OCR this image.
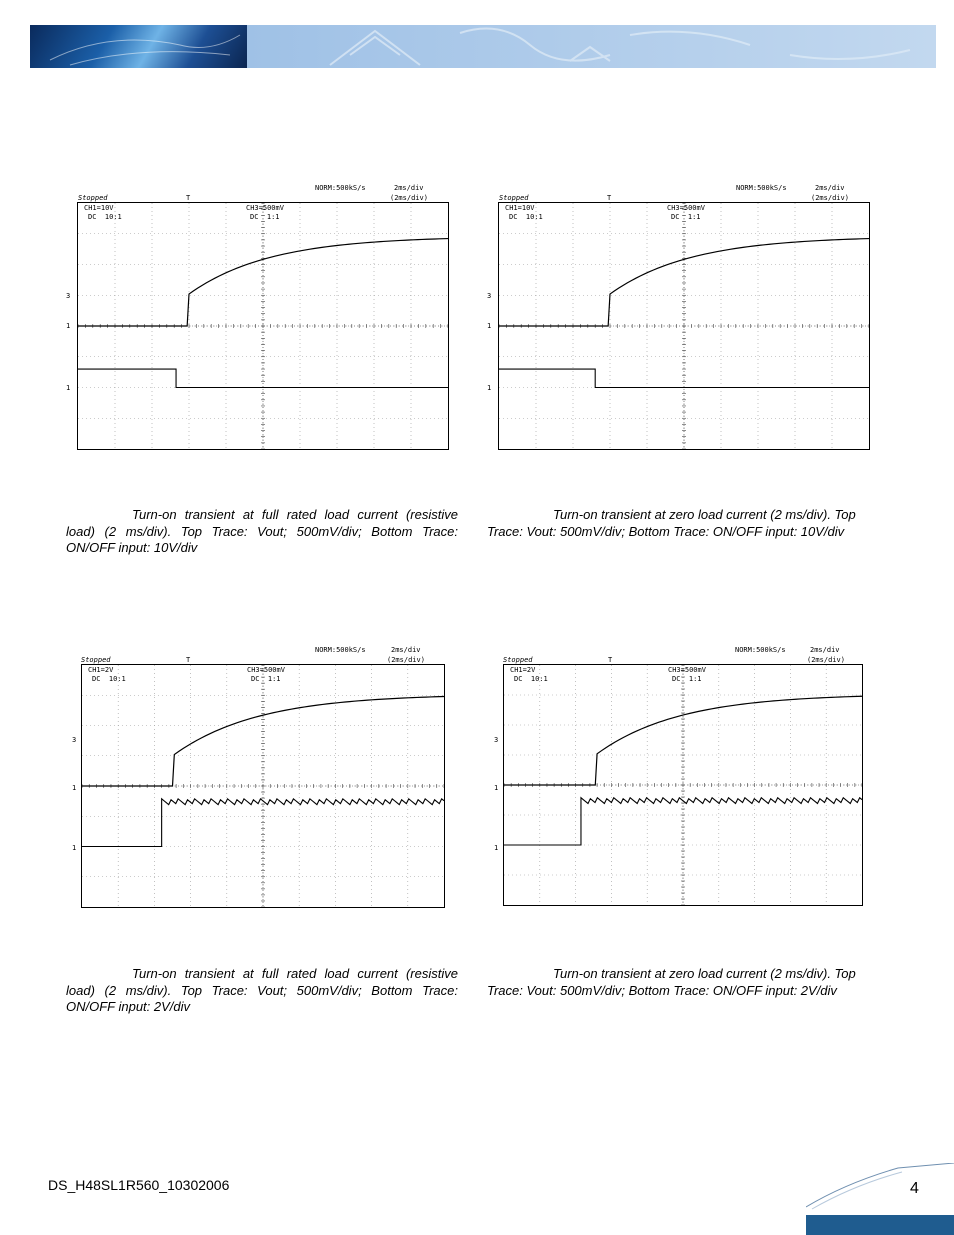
NORM:500kS/s	2ms/div
Stopped	T	(2ms/div)
CH1=10V
DC  10:1
CH3=500mV
DC  1:1
3
1
1
Turn-on transient at full rated load current (resistive load) (2 ms/div). Top Trace: Vout; 500mV/div; Bottom Trace: ON/OFF input: 10V/div
NORM:500kS/s	2ms/div
Stopped	T	(2ms/div)
CH1=10V
DC  10:1
CH3=500mV
DC  1:1
3
1
1
Turn-on transient at zero load current (2 ms/div). Top Trace: Vout: 500mV/div; Bottom Trace: ON/OFF input: 10V/div
NORM:500kS/s	2ms/div
Stopped	T	(2ms/div)
CH1=2V
DC  10:1
CH3=500mV
DC  1:1
3
1
1
Turn-on transient at full rated load current (resistive load) (2 ms/div). Top Trace: Vout; 500mV/div; Bottom Trace: ON/OFF input: 2V/div
NORM:500kS/s	2ms/div
Stopped	T	(2ms/div)
CH1=2V
DC  10:1
CH3=500mV
DC  1:1
3
1
1
Turn-on transient at zero load current (2 ms/div). Top Trace: Vout: 500mV/div; Bottom Trace: ON/OFF input: 2V/div
DS_H48SL1R560_10302006	4
